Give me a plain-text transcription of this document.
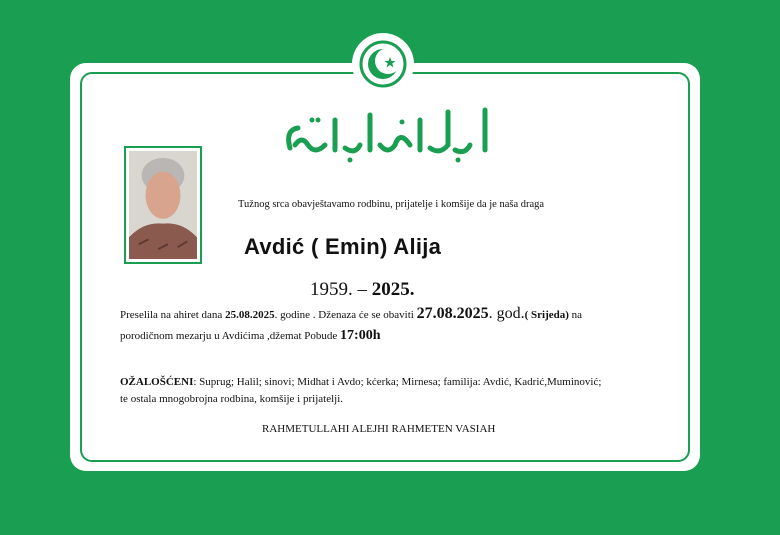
Tužnog srca obavještavamo rodbinu, prijatelje i komšije da je naša draga
Avdić ( Emin) Alija
1959. – 2025.
Preselila na ahiret dana 25.08.2025. godine . Dženaza će se obaviti 27.08.2025. god.( Srijeda) na
porodičnom mezarju u Avdićima ,džemat Pobude 17:00h
OŽALOŠĆENI: Suprug; Halil; sinovi; Midhat i Avdo; kćerka; Mirnesa; familija: Avdić, Kadrić,Muminović;
te ostala mnogobrojna rodbina, komšije i prijatelji.
RAHMETULLAHI ALEJHI RAHMETEN VASIAH
